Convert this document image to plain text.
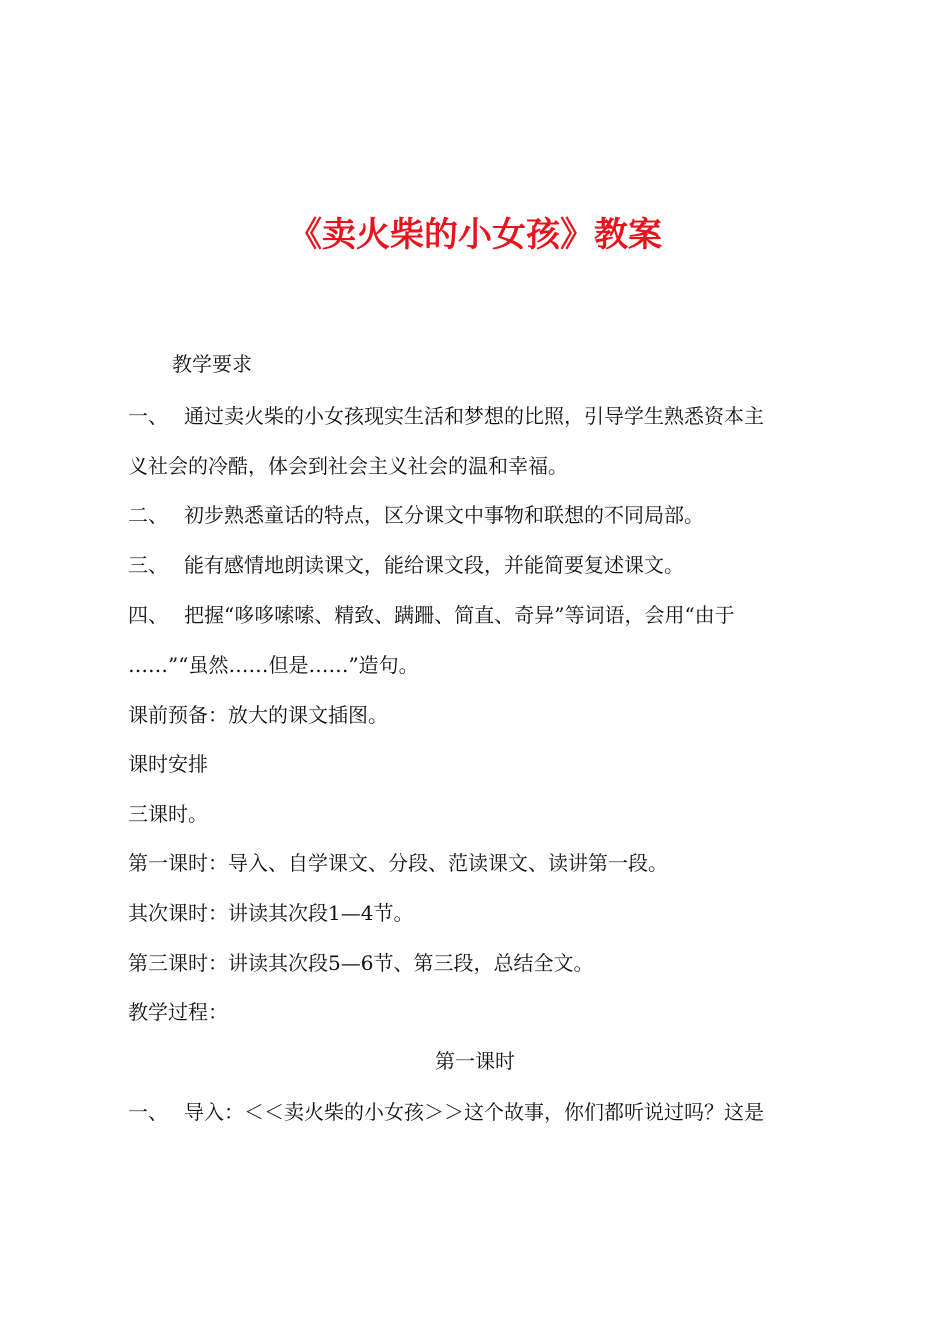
《卖火柴的小女孩》教案

教学要求

一、 通过卖火柴的小女孩现实生活和梦想的比照，引导学生熟悉资本主

义社会的冷酷，体会到社会主义社会的温和幸福。

二、 初步熟悉童话的特点，区分课文中事物和联想的不同局部。

三、 能有感情地朗读课文，能给课文段，并能简要复述课文。

四、 把握“哆哆嗦嗦、精致、蹒跚、简直、奇异”等词语，会用“由于

……”“虽然……但是……”造句。

课前预备：放大的课文插图。

课时安排

三课时。

第一课时：导入、自学课文、分段、范读课文、读讲第一段。

其次课时：讲读其次段1—4节。

第三课时：讲读其次段5—6节、第三段，总结全文。

教学过程：

第一课时

一、 导入：＜＜卖火柴的小女孩＞＞这个故事，你们都听说过吗？这是
